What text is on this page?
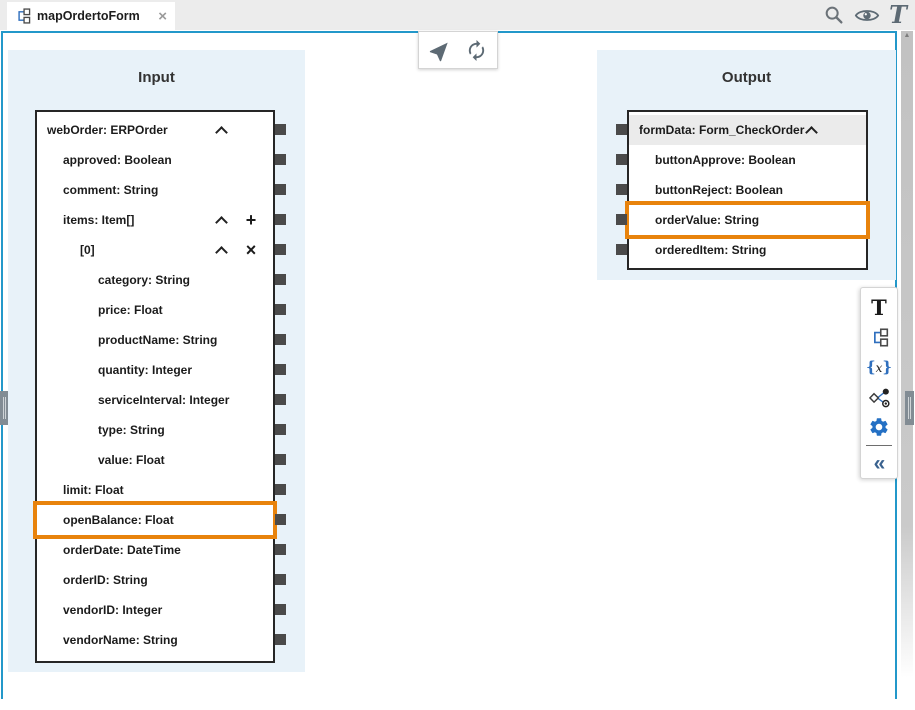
mapOrdertoForm ×	T
▲
Input
webOrder: ERPOrder
approved: Boolean
comment: String
items: Item[]	+
[0]	×
category: String
price: Float
productName: String
quantity: Integer
serviceInterval: Integer
type: String
value: Float
limit: Float
openBalance: Float
orderDate: DateTime
orderID: String
vendorID: Integer
vendorName: String
Output
formData: Form_CheckOrder
buttonApprove: Boolean
buttonReject: Boolean
orderValue: String
orderedItem: String
T
{x}
«
